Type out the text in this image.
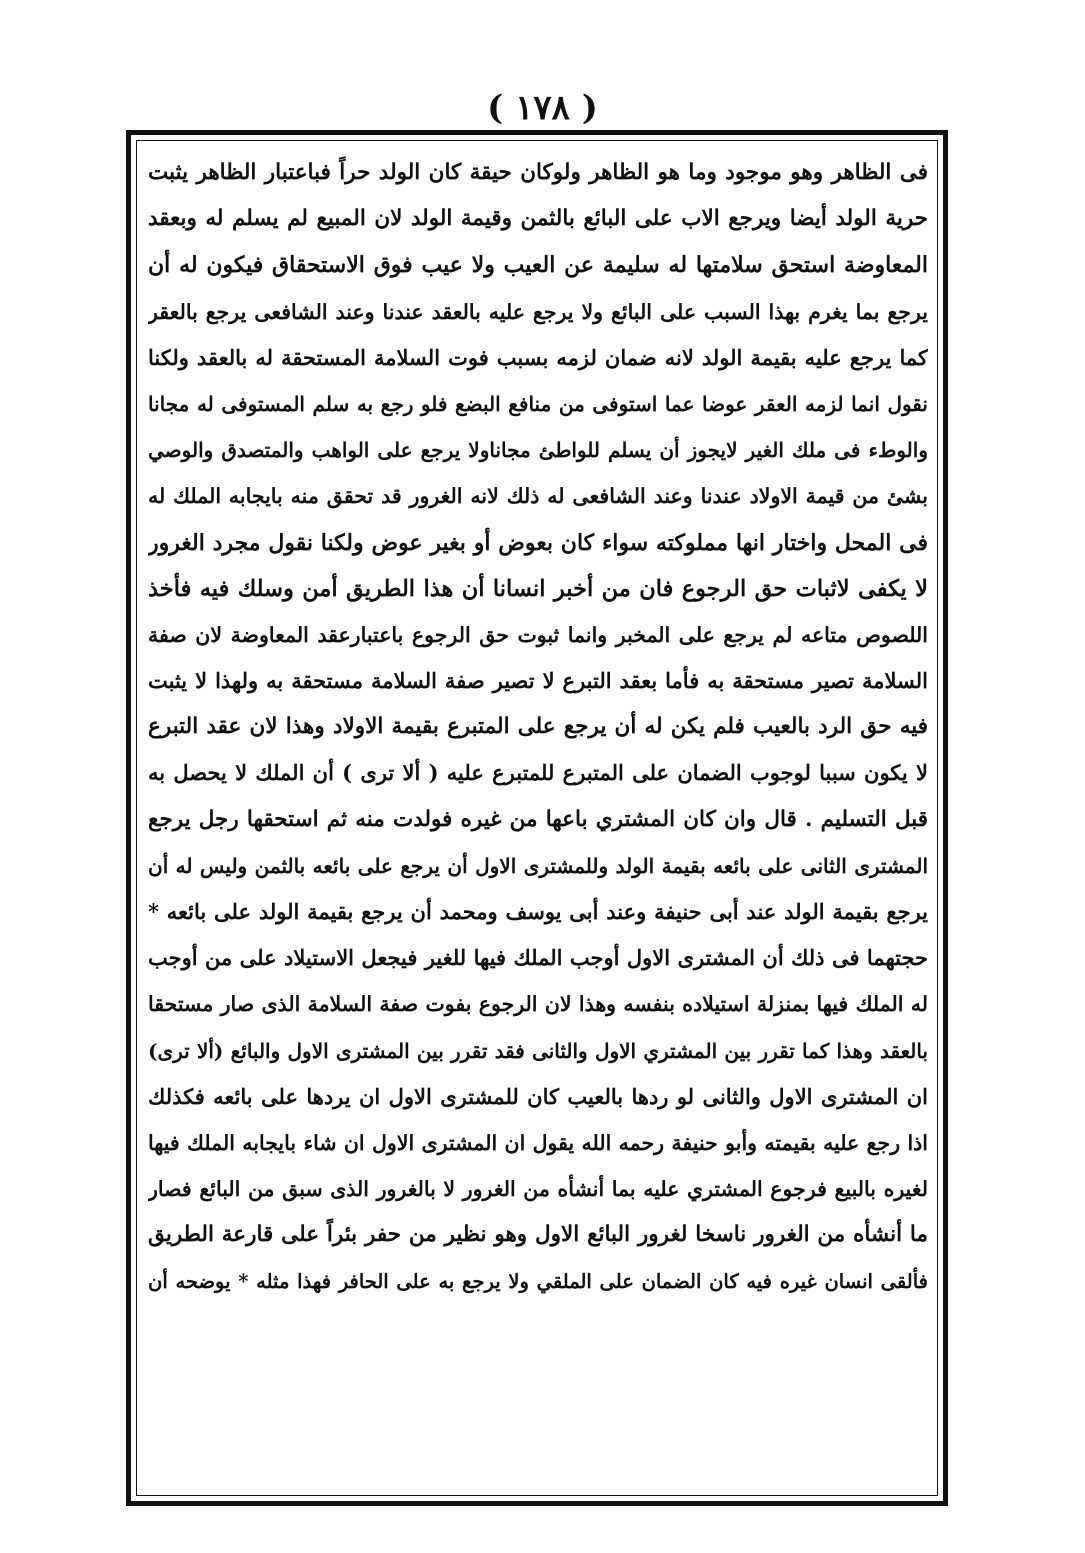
( ١٧٨ )
فى الظاهر وهو موجود وما هو الظاهر ولوكان حيقة كان الولد حراً فباعتبار الظاهر يثبت
حرية الولد أيضا ويرجع الاب على البائع بالثمن وقيمة الولد لان المبيع لم يسلم له وبعقد
المعاوضة استحق سلامتها له سليمة عن العيب ولا عيب فوق الاستحقاق فيكون له أن
يرجع بما يغرم بهذا السبب على البائع ولا يرجع عليه بالعقد عندنا وعند الشافعى يرجع بالعقر
كما يرجع عليه بقيمة الولد لانه ضمان لزمه بسبب فوت السلامة المستحقة له بالعقد ولكنا
نقول انما لزمه العقر عوضا عما استوفى من منافع البضع فلو رجع به سلم المستوفى له مجانا
والوطء فى ملك الغير لايجوز أن يسلم للواطئ مجاناولا يرجع على الواهب والمتصدق والوصي
بشئ من قيمة الاولاد عندنا وعند الشافعى له ذلك لانه الغرور قد تحقق منه بايجابه الملك له
فى المحل واختار انها مملوكته سواء كان بعوض أو بغير عوض ولكنا نقول مجرد الغرور
لا يكفى لاثبات حق الرجوع فان من أخبر انسانا أن هذا الطريق أمن وسلك فيه فأخذ
اللصوص متاعه لم يرجع على المخبر وانما ثبوت حق الرجوع باعتبارعقد المعاوضة لان صفة
السلامة تصير مستحقة به فأما بعقد التبرع لا تصير صفة السلامة مستحقة به ولهذا لا يثبت
فيه حق الرد بالعيب فلم يكن له أن يرجع على المتبرع بقيمة الاولاد وهذا لان عقد التبرع
لا يكون سببا لوجوب الضمان على المتبرع للمتبرع عليه ( ألا ترى ) أن الملك لا يحصل به
قبل التسليم . قال وان كان المشتري باعها من غيره فولدت منه ثم استحقها رجل يرجع
المشترى الثانى على بائعه بقيمة الولد وللمشترى الاول أن يرجع على بائعه بالثمن وليس له أن
يرجع بقيمة الولد عند أبى حنيفة وعند أبى يوسف ومحمد أن يرجع بقيمة الولد على بائعه *
حجتهما فى ذلك أن المشترى الاول أوجب الملك فيها للغير فيجعل الاستيلاد على من أوجب
له الملك فيها بمنزلة استيلاده بنفسه وهذا لان الرجوع بفوت صفة السلامة الذى صار مستحقا
بالعقد وهذا كما تقرر بين المشتري الاول والثانى فقد تقرر بين المشترى الاول والبائع (ألا ترى)
ان المشترى الاول والثانى لو ردها بالعيب كان للمشترى الاول ان يردها على بائعه فكذلك
اذا رجع عليه بقيمته وأبو حنيفة رحمه الله يقول ان المشترى الاول ان شاء بايجابه الملك فيها
لغيره بالبيع فرجوع المشتري عليه بما أنشأه من الغرور لا بالغرور الذى سبق من البائع فصار
ما أنشأه من الغرور ناسخا لغرور البائع الاول وهو نظير من حفر بئراً على قارعة الطريق
فألقى انسان غيره فيه كان الضمان على الملقي ولا يرجع به على الحافر فهذا مثله * يوضحه أن
